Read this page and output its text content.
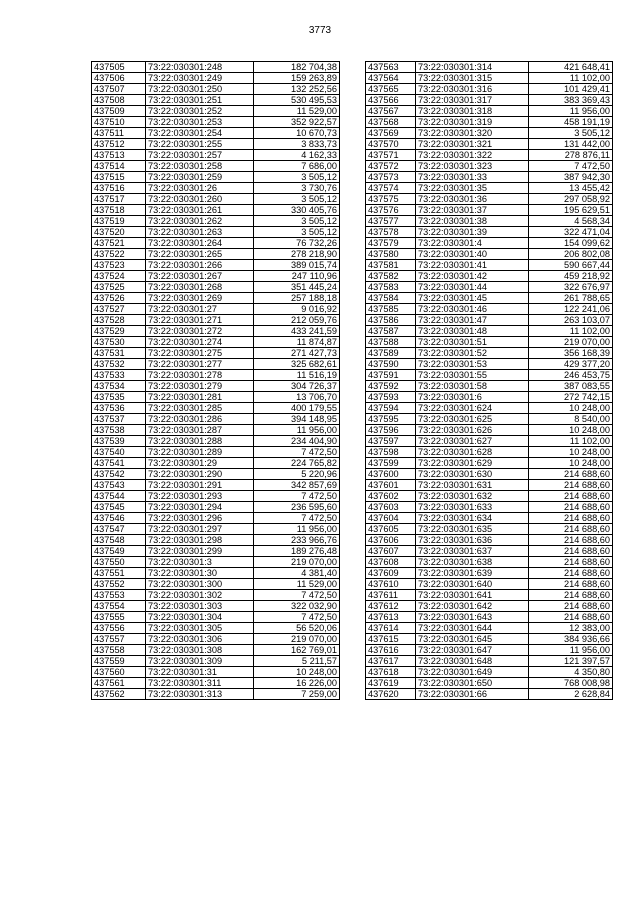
3773
437505	73:22:030301:248	182 704,38
437506	73:22:030301:249	159 263,89
437507	73:22:030301:250	132 252,56
437508	73:22:030301:251	530 495,53
437509	73:22:030301:252	11 529,00
437510	73:22:030301:253	352 922,57
437511	73:22:030301:254	10 670,73
437512	73:22:030301:255	3 833,73
437513	73:22:030301:257	4 162,33
437514	73:22:030301:258	7 686,00
437515	73:22:030301:259	3 505,12
437516	73:22:030301:26	3 730,76
437517	73:22:030301:260	3 505,12
437518	73:22:030301:261	330 405,76
437519	73:22:030301:262	3 505,12
437520	73:22:030301:263	3 505,12
437521	73:22:030301:264	76 732,26
437522	73:22:030301:265	278 218,90
437523	73:22:030301:266	389 015,74
437524	73:22:030301:267	247 110,96
437525	73:22:030301:268	351 445,24
437526	73:22:030301:269	257 188,18
437527	73:22:030301:27	9 016,92
437528	73:22:030301:271	212 059,76
437529	73:22:030301:272	433 241,59
437530	73:22:030301:274	11 874,87
437531	73:22:030301:275	271 427,73
437532	73:22:030301:277	325 682,61
437533	73:22:030301:278	11 516,19
437534	73:22:030301:279	304 726,37
437535	73:22:030301:281	13 706,70
437536	73:22:030301:285	400 179,55
437537	73:22:030301:286	394 148,95
437538	73:22:030301:287	11 956,00
437539	73:22:030301:288	234 404,90
437540	73:22:030301:289	7 472,50
437541	73:22:030301:29	224 765,82
437542	73:22:030301:290	5 220,96
437543	73:22:030301:291	342 857,69
437544	73:22:030301:293	7 472,50
437545	73:22:030301:294	236 595,60
437546	73:22:030301:296	7 472,50
437547	73:22:030301:297	11 956,00
437548	73:22:030301:298	233 966,76
437549	73:22:030301:299	189 276,48
437550	73:22:030301:3	219 070,00
437551	73:22:030301:30	4 381,40
437552	73:22:030301:300	11 529,00
437553	73:22:030301:302	7 472,50
437554	73:22:030301:303	322 032,90
437555	73:22:030301:304	7 472,50
437556	73:22:030301:305	56 520,06
437557	73:22:030301:306	219 070,00
437558	73:22:030301:308	162 769,01
437559	73:22:030301:309	5 211,57
437560	73:22:030301:31	10 248,00
437561	73:22:030301:311	16 226,00
437562	73:22:030301:313	7 259,00
437563	73:22:030301:314	421 648,41
437564	73:22:030301:315	11 102,00
437565	73:22:030301:316	101 429,41
437566	73:22:030301:317	383 369,43
437567	73:22:030301:318	11 956,00
437568	73:22:030301:319	458 191,19
437569	73:22:030301:320	3 505,12
437570	73:22:030301:321	131 442,00
437571	73:22:030301:322	278 876,11
437572	73:22:030301:323	7 472,50
437573	73:22:030301:33	387 942,30
437574	73:22:030301:35	13 455,42
437575	73:22:030301:36	297 058,92
437576	73:22:030301:37	195 629,51
437577	73:22:030301:38	4 568,34
437578	73:22:030301:39	322 471,04
437579	73:22:030301:4	154 099,62
437580	73:22:030301:40	206 802,08
437581	73:22:030301:41	590 667,44
437582	73:22:030301:42	459 218,92
437583	73:22:030301:44	322 676,97
437584	73:22:030301:45	261 788,65
437585	73:22:030301:46	122 241,06
437586	73:22:030301:47	263 103,07
437587	73:22:030301:48	11 102,00
437588	73:22:030301:51	219 070,00
437589	73:22:030301:52	356 168,39
437590	73:22:030301:53	429 377,20
437591	73:22:030301:55	246 453,75
437592	73:22:030301:58	387 083,55
437593	73:22:030301:6	272 742,15
437594	73:22:030301:624	10 248,00
437595	73:22:030301:625	8 540,00
437596	73:22:030301:626	10 248,00
437597	73:22:030301:627	11 102,00
437598	73:22:030301:628	10 248,00
437599	73:22:030301:629	10 248,00
437600	73:22:030301:630	214 688,60
437601	73:22:030301:631	214 688,60
437602	73:22:030301:632	214 688,60
437603	73:22:030301:633	214 688,60
437604	73:22:030301:634	214 688,60
437605	73:22:030301:635	214 688,60
437606	73:22:030301:636	214 688,60
437607	73:22:030301:637	214 688,60
437608	73:22:030301:638	214 688,60
437609	73:22:030301:639	214 688,60
437610	73:22:030301:640	214 688,60
437611	73:22:030301:641	214 688,60
437612	73:22:030301:642	214 688,60
437613	73:22:030301:643	214 688,60
437614	73:22:030301:644	12 383,00
437615	73:22:030301:645	384 936,66
437616	73:22:030301:647	11 956,00
437617	73:22:030301:648	121 397,57
437618	73:22:030301:649	4 350,80
437619	73:22:030301:650	768 008,98
437620	73:22:030301:66	2 628,84
